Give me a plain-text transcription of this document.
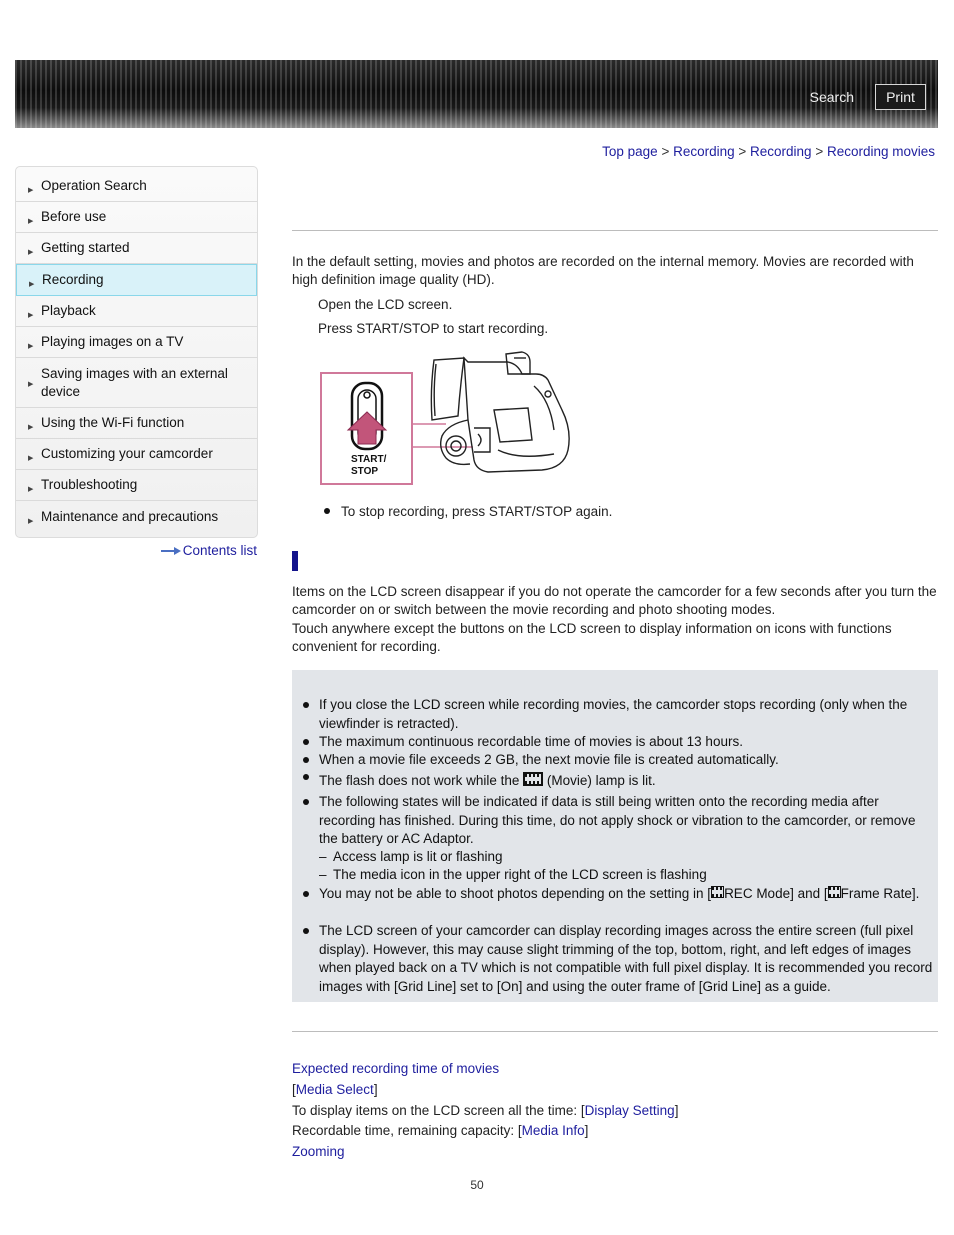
Search	Print
Top page > Recording > Recording > Recording movies
▶ Operation Search
▶ Before use
▶ Getting started
▶ Recording
▶ Playback
▶ Playing images on a TV
▶
Saving images with an external device
▶ Using the Wi-Fi function
▶ Customizing your camcorder
▶ Troubleshooting
▶ Maintenance and precautions
Contents list
In the default setting, movies and photos are recorded on the internal memory. Movies are recorded with high definition image quality (HD).
Open the LCD screen.
Press START/STOP to start recording.
START/
STOP
To stop recording, press START/STOP again.
Items on the LCD screen disappear if you do not operate the camcorder for a few seconds after you turn the camcorder on or switch between the movie recording and photo shooting modes.
Touch anywhere except the buttons on the LCD screen to display information on icons with functions convenient for recording.
If you close the LCD screen while recording movies, the camcorder stops recording (only when the viewfinder is retracted).
The maximum continuous recordable time of movies is about 13 hours.
When a movie file exceeds 2 GB, the next movie file is created automatically.
The flash does not work while the  (Movie) lamp is lit.
The following states will be indicated if data is still being written onto the recording media after recording has finished. During this time, do not apply shock or vibration to the camcorder, or remove the battery or AC Adaptor.
– Access lamp is lit or flashing
– The media icon in the upper right of the LCD screen is flashing
You may not be able to shoot photos depending on the setting in [ REC Mode] and [ Frame Rate].
The LCD screen of your camcorder can display recording images across the entire screen (full pixel display). However, this may cause slight trimming of the top, bottom, right, and left edges of images when played back on a TV which is not compatible with full pixel display. It is recommended you record images with [Grid Line] set to [On] and using the outer frame of [Grid Line] as a guide.
Expected recording time of movies
[Media Select]
To display items on the LCD screen all the time: [Display Setting]
Recordable time, remaining capacity: [Media Info]
Zooming
50
